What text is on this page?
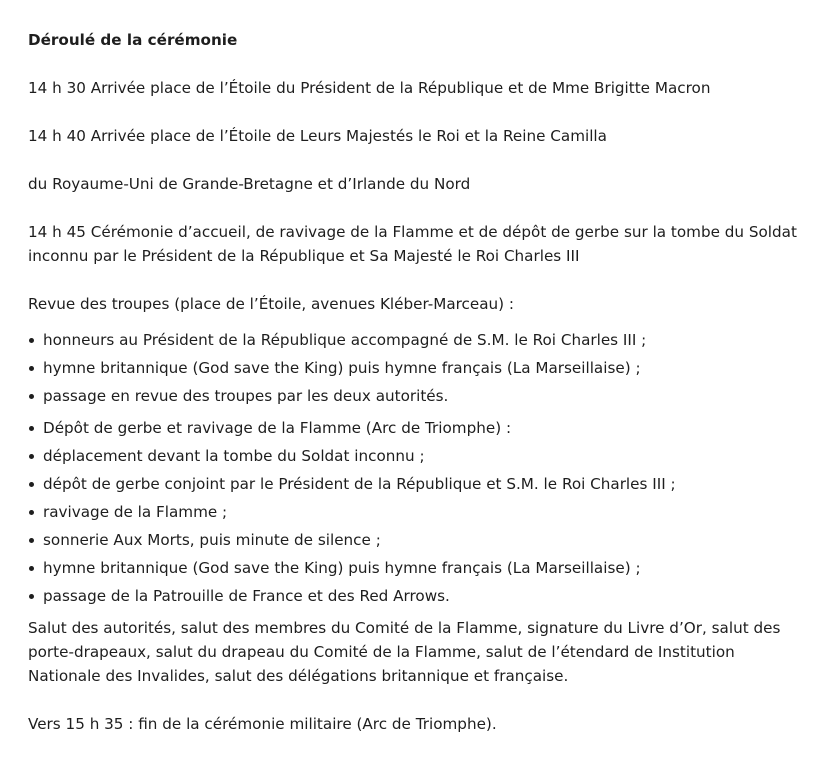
Déroulé de la cérémonie

14 h 30 Arrivée place de l’Étoile du Président de la République et de Mme Brigitte Macron

14 h 40 Arrivée place de l’Étoile de Leurs Majestés le Roi et la Reine Camilla

du Royaume-Uni de Grande-Bretagne et d’Irlande du Nord

14 h 45 Cérémonie d’accueil, de ravivage de la Flamme et de dépôt de gerbe sur la tombe du Soldat inconnu par le Président de la République et Sa Majesté le Roi Charles III

Revue des troupes (place de l’Étoile, avenues Kléber-Marceau) :

honneurs au Président de la République accompagné de S.M. le Roi Charles III ;
hymne britannique (God save the King) puis hymne français (La Marseillaise) ;
passage en revue des troupes par les deux autorités.
Dépôt de gerbe et ravivage de la Flamme (Arc de Triomphe) :
déplacement devant la tombe du Soldat inconnu ;
dépôt de gerbe conjoint par le Président de la République et S.M. le Roi Charles III ;
ravivage de la Flamme ;
sonnerie Aux Morts, puis minute de silence ;
hymne britannique (God save the King) puis hymne français (La Marseillaise) ;
passage de la Patrouille de France et des Red Arrows.

Salut des autorités, salut des membres du Comité de la Flamme, signature du Livre d’Or, salut des porte-drapeaux, salut du drapeau du Comité de la Flamme, salut de l’étendard de Institution Nationale des Invalides, salut des délégations britannique et française.

Vers 15 h 35 : fin de la cérémonie militaire (Arc de Triomphe).
